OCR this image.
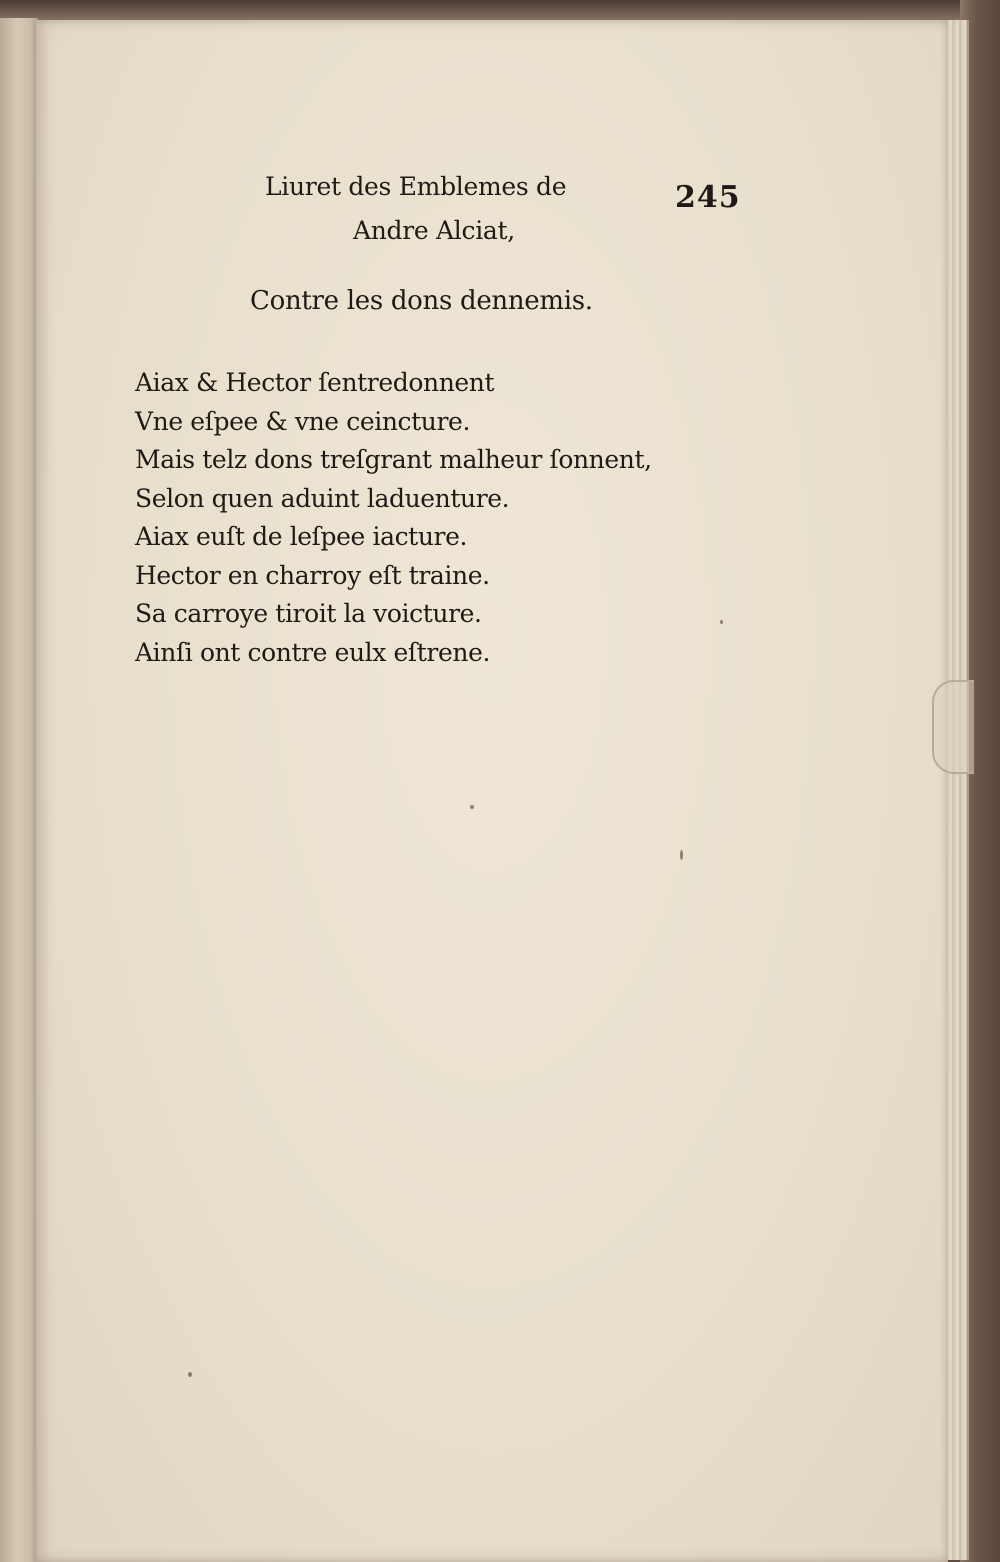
Liuret des Emblemes de
Andre Alciat,
245
Contre les dons dennemis.
Aiax & Hector ſentredonnent
Vne eſpee & vne ceincture.
Mais telz dons treſgrant malheur ſonnent,
Selon quen aduint laduenture.
Aiax euſt de leſpee iacture.
Hector en charroy eſt traine.
Sa carroye tiroit la voicture.
Ainſi ont contre eulx eſtrene.
